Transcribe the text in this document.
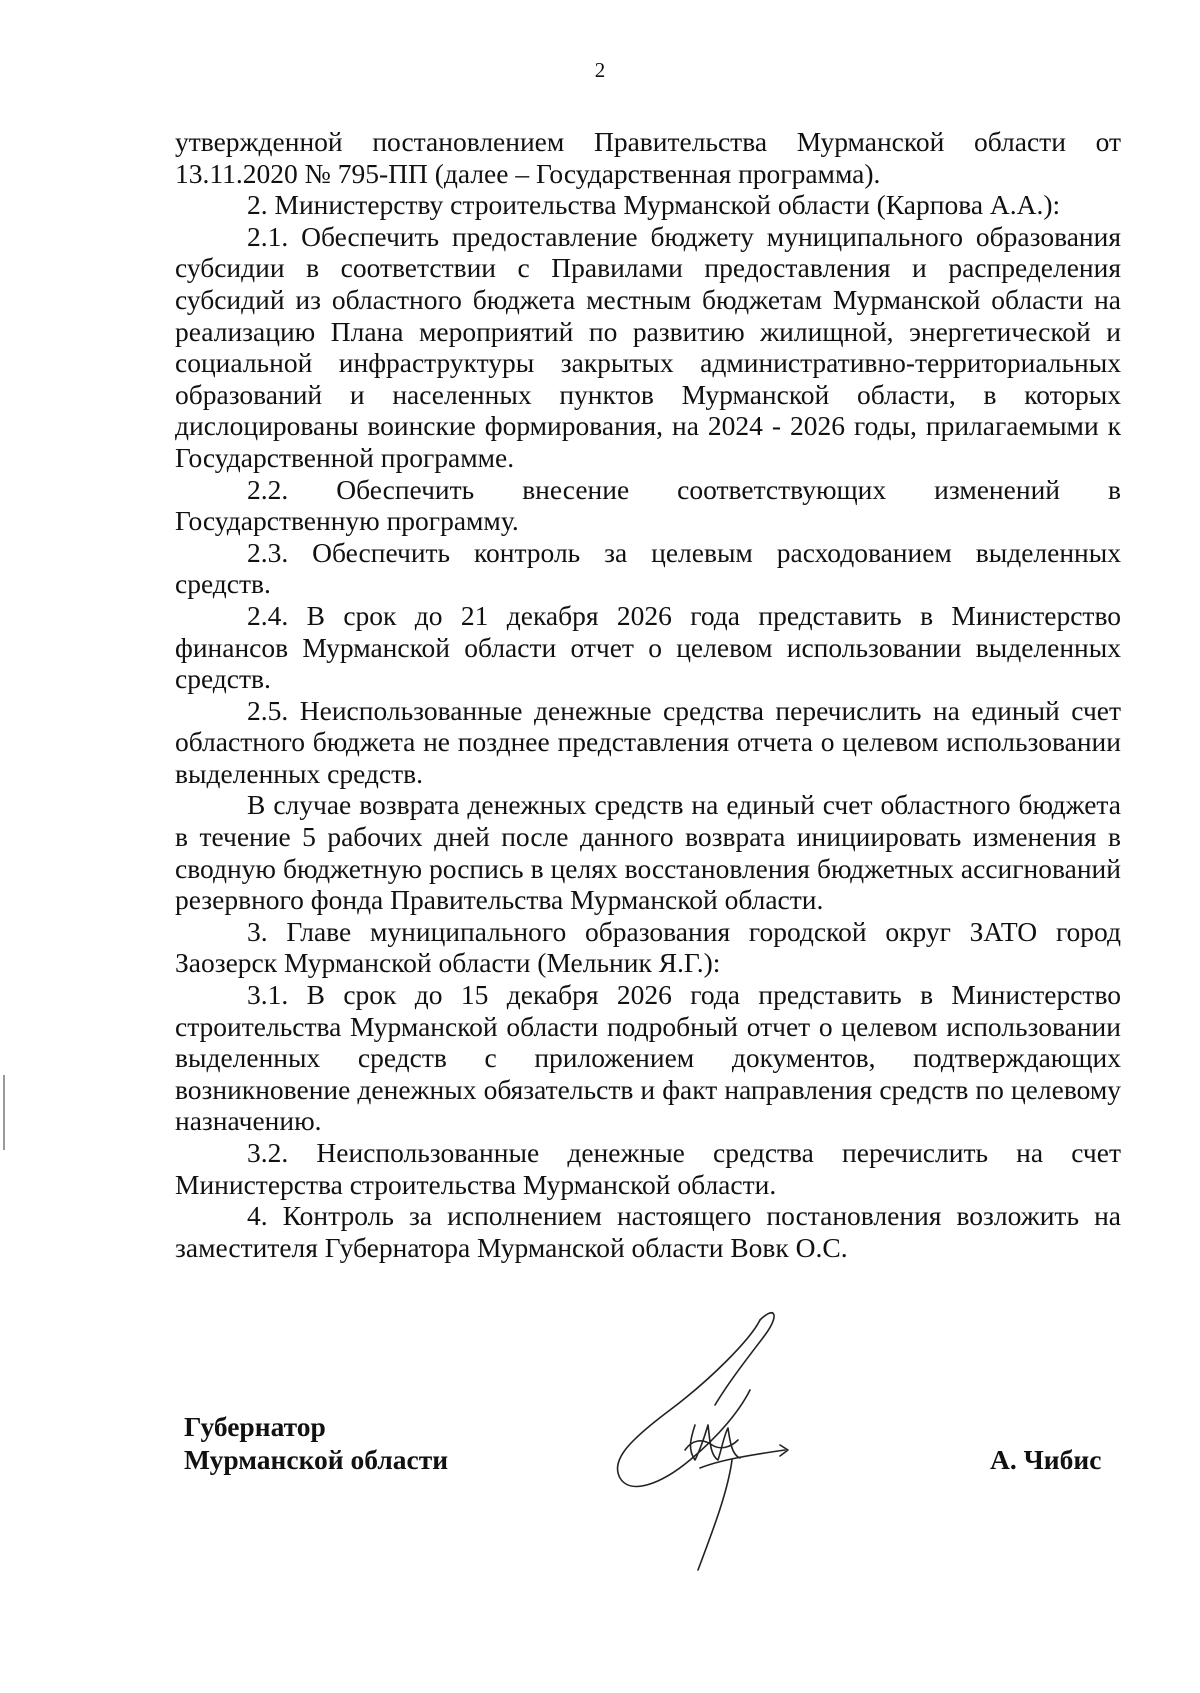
2

утвержденной постановлением Правительства Мурманской области от 13.11.2020 № 795-ПП (далее – Государственная программа).

2. Министерству строительства Мурманской области (Карпова А.А.):

2.1. Обеспечить предоставление бюджету муниципального образования субсидии в соответствии с Правилами предоставления и распределения субсидий из областного бюджета местным бюджетам Мурманской области на реализацию Плана мероприятий по развитию жилищной, энергетической и социальной инфраструктуры закрытых административно-территориальных образований и населенных пунктов Мурманской области, в которых дислоцированы воинские формирования, на 2024 - 2026 годы, прилагаемыми к Государственной программе.

2.2. Обеспечить внесение соответствующих изменений в Государственную программу.

2.3. Обеспечить контроль за целевым расходованием выделенных средств.

2.4. В срок до 21 декабря 2026 года представить в Министерство финансов Мурманской области отчет о целевом использовании выделенных средств.

2.5. Неиспользованные денежные средства перечислить на единый счет областного бюджета не позднее представления отчета о целевом использовании выделенных средств.

В случае возврата денежных средств на единый счет областного бюджета в течение 5 рабочих дней после данного возврата инициировать изменения в сводную бюджетную роспись в целях восстановления бюджетных ассигнований резервного фонда Правительства Мурманской области.

3. Главе муниципального образования городской округ ЗАТО город Заозерск Мурманской области (Мельник Я.Г.):

3.1. В срок до 15 декабря 2026 года представить в Министерство строительства Мурманской области подробный отчет о целевом использовании выделенных средств с приложением документов, подтверждающих возникновение денежных обязательств и факт направления средств по целевому назначению.

3.2. Неиспользованные денежные средства перечислить на счет Министерства строительства Мурманской области.

4. Контроль за исполнением настоящего постановления возложить на заместителя Губернатора Мурманской области Вовк О.С.

Губернатор
Мурманской области	А. Чибис
